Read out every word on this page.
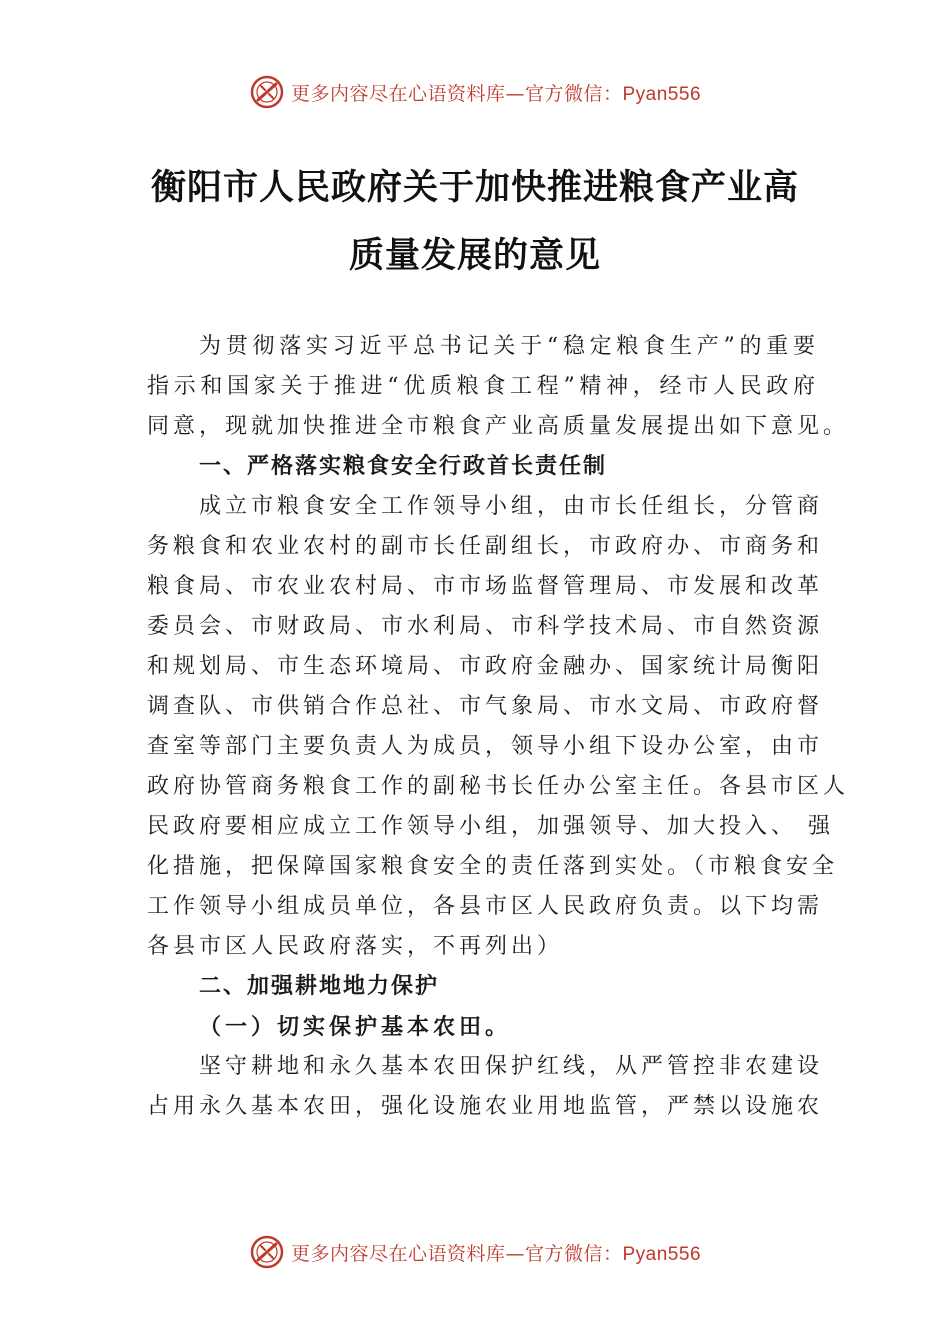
更多内容尽在心语资料库—官方微信：Pyan556
衡阳市人民政府关于加快推进粮食产业高
质量发展的意见
为贯彻落实习近平总书记关于“稳定粮食生产”的重要
指示和国家关于推进“优质粮食工程”精神，经市人民政府
同意，现就加快推进全市粮食产业高质量发展提出如下意见。

一、严格落实粮食安全行政首长责任制

成立市粮食安全工作领导小组，由市长任组长，分管商
务粮食和农业农村的副市长任副组长，市政府办、市商务和
粮食局、市农业农村局、市市场监督管理局、市发展和改革
委员会、市财政局、市水利局、市科学技术局、市自然资源
和规划局、市生态环境局、市政府金融办、国家统计局衡阳
调查队、市供销合作总社、市气象局、市水文局、市政府督
查室等部门主要负责人为成员，领导小组下设办公室，由市
政府协管商务粮食工作的副秘书长任办公室主任。各县市区人
民政府要相应成立工作领导小组，加强领导、加大投入、 强
化措施，把保障国家粮食安全的责任落到实处。（市粮食安全
工作领导小组成员单位，各县市区人民政府负责。以下均需
各县市区人民政府落实，不再列出）

二、加强耕地地力保护

（一）切实保护基本农田。

坚守耕地和永久基本农田保护红线，从严管控非农建设
占用永久基本农田，强化设施农业用地监管，严禁以设施农
更多内容尽在心语资料库—官方微信：Pyan556
